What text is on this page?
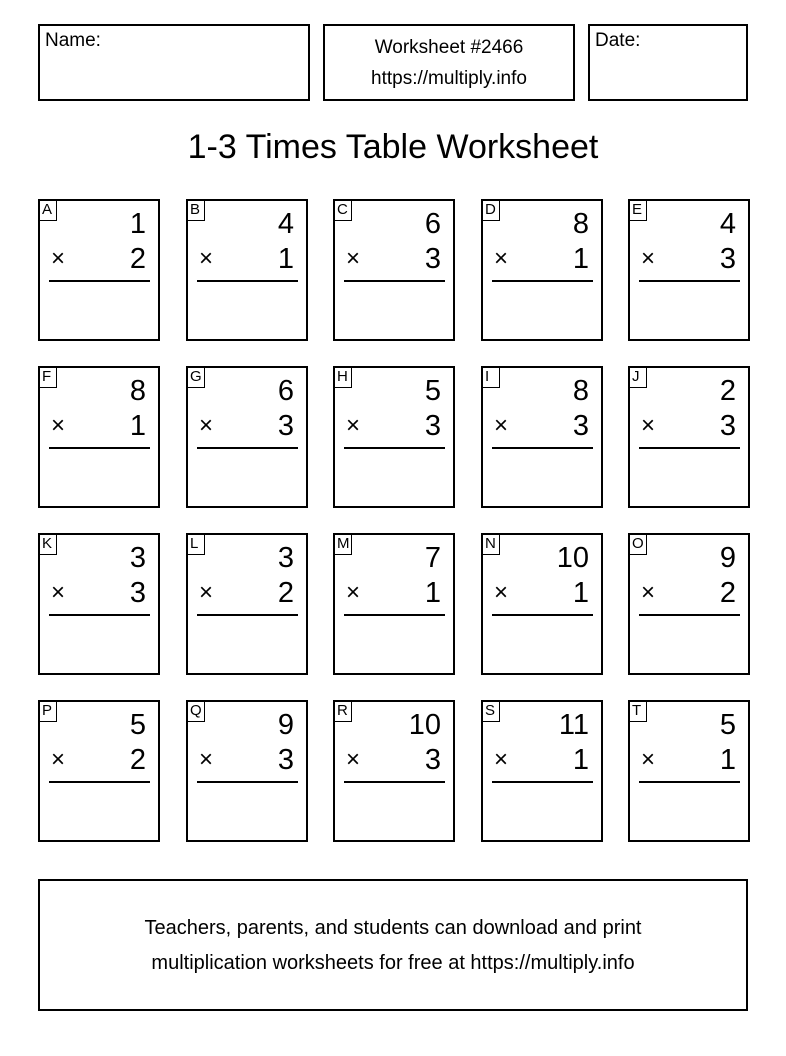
Name:	Worksheet #2466
https://multiply.info
Date:
1-3 Times Table Worksheet
A	1
× 2
B	4
× 1
C	6
× 3
D	8
× 1
E	4
× 3
F	8
× 1
G	6
× 3
H	5
× 3
I	8
× 3
J	2
× 3
K	3
× 3
L	3
× 2
M	7
× 1
N 10
× 1
O	9
× 2
P	5
× 2
Q	9
× 3
R 10
× 3
S 11
× 1
T	5
× 1
Teachers, parents, and students can download and print
multiplication worksheets for free at https://multiply.info
